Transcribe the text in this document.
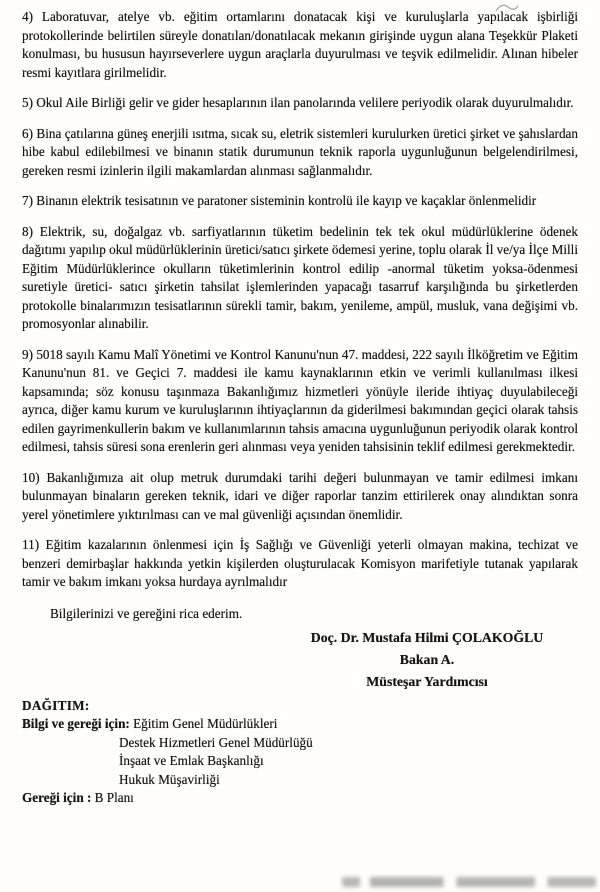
4) Laboratuvar, atelye vb. eğitim ortamlarını donatacak kişi ve kuruluşlarla yapılacak işbirliği protokollerinde belirtilen süreyle donatılan/donatılacak mekanın girişinde uygun alana Teşekkür Plaketi konulması, bu hususun hayırseverlere uygun araçlarla duyurulması ve teşvik edilmelidir. Alınan hibeler resmi kayıtlara girilmelidir.

5) Okul Aile Birliği gelir ve gider hesaplarının ilan panolarında velilere periyodik olarak duyurulmalıdır.

6) Bina çatılarına güneş enerjili ısıtma, sıcak su, eletrik sistemleri kurulurken üretici şirket ve şahıslardan hibe kabul edilebilmesi ve binanın statik durumunun teknik raporla uygunluğunun belgelendirilmesi, gereken resmi izinlerin ilgili makamlardan alınması sağlanmalıdır.

7) Binanın elektrik tesisatının ve paratoner sisteminin kontrolü ile kayıp ve kaçaklar önlenmelidir

8) Elektrik, su, doğalgaz vb. sarfiyatlarının tüketim bedelinin tek tek okul müdürlüklerine ödenek dağıtımı yapılıp okul müdürlüklerinin üretici/satıcı şirkete ödemesi yerine, toplu olarak İl ve/ya İlçe Milli Eğitim Müdürlüklerince okulların tüketimlerinin kontrol edilip -anormal tüketim yoksa-ödenmesi suretiyle üretici- satıcı şirketin tahsilat işlemlerinden yapacağı tasarruf karşılığında bu şirketlerden protokolle binalarımızın tesisatlarının sürekli tamir, bakım, yenileme, ampül, musluk, vana değişimi vb. promosyonlar alınabilir.

9) 5018 sayılı Kamu Malî Yönetimi ve Kontrol Kanunu'nun 47. maddesi, 222 sayılı İlköğretim ve Eğitim Kanunu'nun 81. ve Geçici 7. maddesi ile kamu kaynaklarının etkin ve verimli kullanılması ilkesi kapsamında; söz konusu taşınmaza Bakanlığımız hizmetleri yönüyle ileride ihtiyaç duyulabileceği ayrıca, diğer kamu kurum ve kuruluşlarının ihtiyaçlarının da giderilmesi bakımından geçici olarak tahsis edilen gayrimenkullerin bakım ve kullanımlarının tahsis amacına uygunluğunun periyodik olarak kontrol edilmesi, tahsis süresi sona erenlerin geri alınması veya yeniden tahsisinin teklif edilmesi gerekmektedir.

10) Bakanlığımıza ait olup metruk durumdaki tarihi değeri bulunmayan ve tamir edilmesi imkanı bulunmayan binaların gereken teknik, idari ve diğer raporlar tanzim ettirilerek onay alındıktan sonra yerel yönetimlere yıktırılması can ve mal güvenliği açısından önemlidir.

11) Eğitim kazalarının önlenmesi için İş Sağlığı ve Güvenliği yeterli olmayan makina, techizat ve benzeri demirbaşlar hakkında yetkin kişilerden oluşturulacak Komisyon marifetiyle tutanak yapılarak tamir ve bakım imkanı yoksa hurdaya ayrılmalıdır

Bilgilerinizi ve gereğini rica ederim.

Doç. Dr. Mustafa Hilmi ÇOLAKOĞLU
Bakan A.
Müsteşar Yardımcısı
DAĞITIM:
Bilgi ve gereği için: Eğitim Genel Müdürlükleri
Destek Hizmetleri Genel Müdürlüğü
İnşaat ve Emlak Başkanlığı
Hukuk Müşavirliği
Gereği için : B Planı
